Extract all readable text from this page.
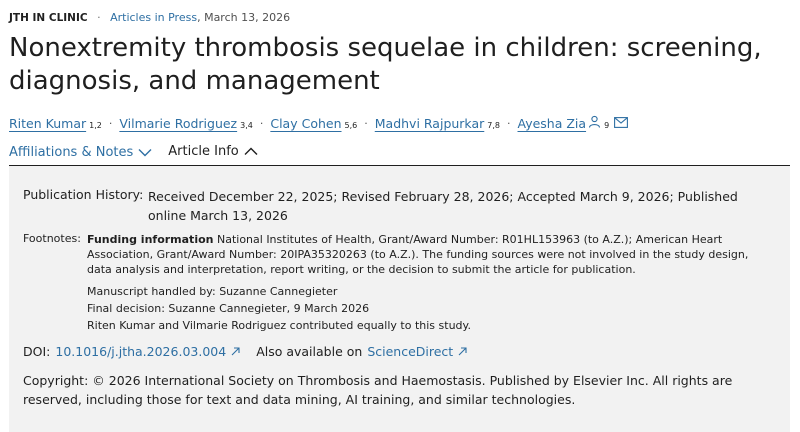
JTH IN CLINIC · Articles in Press, March 13, 2026
Nonextremity thrombosis sequelae in children: screening, diagnosis, and management
Riten Kumar 1,2 · Vilmarie Rodriguez 3,4 · Clay Cohen 5,6 · Madhvi Rajpurkar 7,8 · Ayesha Zia 9
Affiliations & Notes	Article Info
Publication History: Received December 22, 2025; Revised February 28, 2026; Accepted March 9, 2026; Published online March 13, 2026
Footnotes: Funding information National Institutes of Health, Grant/Award Number: R01HL153963 (to A.Z.); American Heart Association, Grant/Award Number: 20IPA35320263 (to A.Z.). The funding sources were not involved in the study design, data analysis and interpretation, report writing, or the decision to submit the article for publication.
Manuscript handled by: Suzanne Cannegieter
Final decision: Suzanne Cannegieter, 9 March 2026
Riten Kumar and Vilmarie Rodriguez contributed equally to this study.
DOI: 10.1016/j.jtha.2026.03.004 Also available on ScienceDirect
Copyright: © 2026 International Society on Thrombosis and Haemostasis. Published by Elsevier Inc. All rights are reserved, including those for text and data mining, AI training, and similar technologies.
